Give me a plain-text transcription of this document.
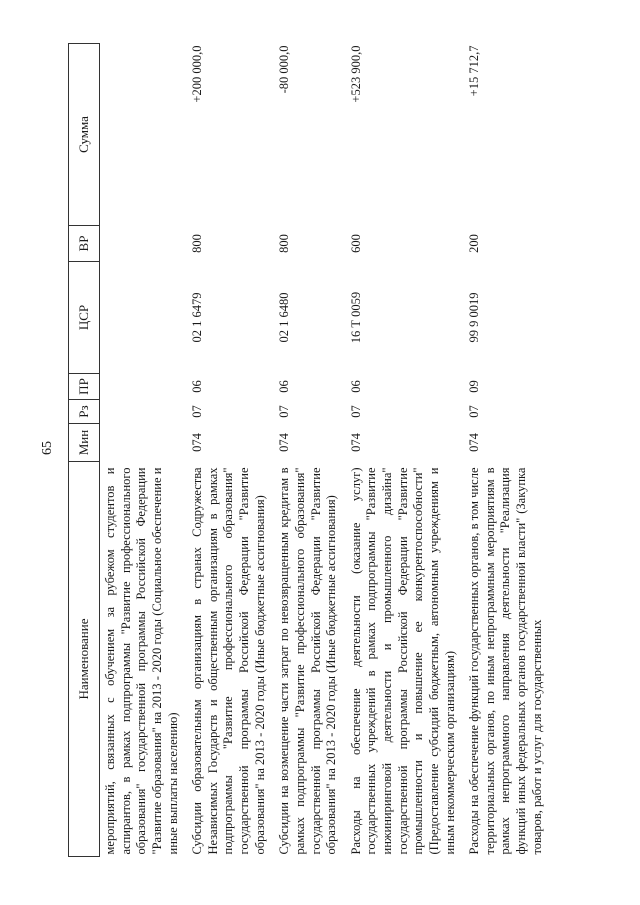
65
Наименование	Мин	Рз	ПР	ЦСР	ВР	Сумма
мероприятий, связанных с обучением за рубежом студентов и аспирантов, в рамках подпрограммы "Развитие профессионального образования" государственной программы Российской Федерации "Развитие образования" на 2013 - 2020 годы (Социальное обеспечение и иные выплаты населению)						
Субсидии образовательным организациям в странах Содружества Независимых Государств и общественным организациям в рамках подпрограммы "Развитие профессионального образования" государственной программы Российской Федерации "Развитие образования" на 2013 - 2020 годы (Иные бюджетные ассигнования)	074	07	06	02 1 6479	800	+200 000,0
Субсидии на возмещение части затрат по невозвращенным кредитам в рамках подпрограммы "Развитие профессионального образования" государственной программы Российской Федерации "Развитие образования" на 2013 - 2020 годы (Иные бюджетные ассигнования)	074	07	06	02 1 6480	800	-80 000,0
Расходы на обеспечение деятельности (оказание услуг) государственных учреждений в рамках подпрограммы "Развитие инжиниринговой деятельности и промышленного дизайна" государственной программы Российской Федерации "Развитие промышленности и повышение ее конкурентоспособности" (Предоставление субсидий бюджетным, автономным учреждениям и иным некоммерческим организациям)	074	07	06	16 Т 0059	600	+523 900,0
Расходы на обеспечение функций государственных органов, в том числе территориальных органов, по иным непрограммным мероприятиям в рамках непрограммного направления деятельности "Реализация функций иных федеральных органов государственной власти" (Закупка товаров, работ и услуг для государственных	074	07	09	99 9 0019	200	+15 712,7
